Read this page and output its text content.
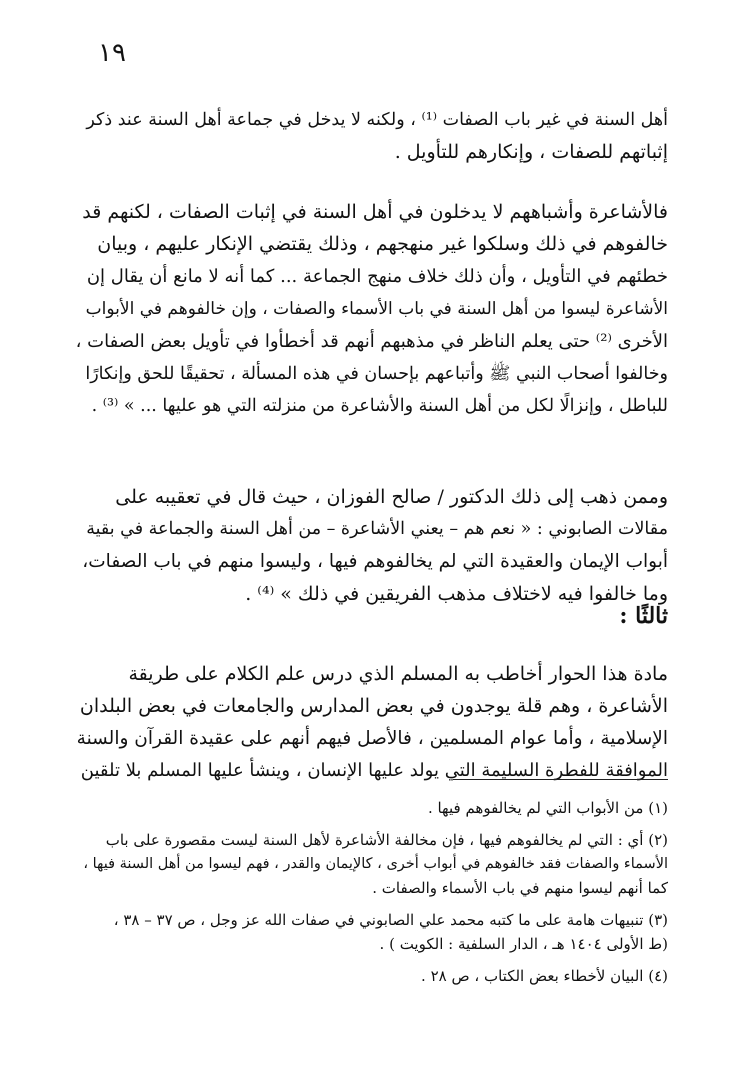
١٩
أهل السنة في غير باب الصفات ⁽¹⁾ ، ولكنه لا يدخل في جماعة أهل السنة عند ذكر
إثباتهم للصفات ، وإنكارهم للتأويل .
فالأشاعرة وأشباههم لا يدخلون في أهل السنة في إثبات الصفات ، لكنهم قد
خالفوهم في ذلك وسلكوا غير منهجهم ، وذلك يقتضي الإنكار عليهم ، وبيان
خطئهم في التأويل ، وأن ذلك خلاف منهج الجماعة ... كما أنه لا مانع أن يقال إن
الأشاعرة ليسوا من أهل السنة في باب الأسماء والصفات ، وإن خالفوهم في الأبواب
الأخرى ⁽²⁾ حتى يعلم الناظر في مذهبهم أنهم قد أخطأوا في تأويل بعض الصفات ،
وخالفوا أصحاب النبي ﷺ وأتباعهم بإحسان في هذه المسألة ، تحقيقًا للحق وإنكارًا
للباطل ، وإنزالًا لكل من أهل السنة والأشاعرة من منزلته التي هو عليها ... » ⁽³⁾ .
وممن ذهب إلى ذلك الدكتور / صالح الفوزان ، حيث قال في تعقيبه على
مقالات الصابوني : « نعم هم – يعني الأشاعرة – من أهل السنة والجماعة في بقية
أبواب الإيمان والعقيدة التي لم يخالفوهم فيها ، وليسوا منهم في باب الصفات،
وما خالفوا فيه لاختلاف مذهب الفريقين في ذلك » ⁽⁴⁾ .
ثالثًا :
مادة هذا الحوار أخاطب به المسلم الذي درس علم الكلام على طريقة
الأشاعرة ، وهم قلة يوجدون في بعض المدارس والجامعات في بعض البلدان
الإسلامية ، وأما عوام المسلمين ، فالأصل فيهم أنهم على عقيدة القرآن والسنة
الموافقة للفطرة السليمة التي يولد عليها الإنسان ، وينشأ عليها المسلم بلا تلقين
(١) من الأبواب التي لم يخالفوهم فيها .
(٢) أي : التي لم يخالفوهم فيها ، فإن مخالفة الأشاعرة لأهل السنة ليست مقصورة على باب
الأسماء والصفات فقد خالفوهم في أبواب أخرى ، كالإيمان والقدر ، فهم ليسوا من أهل السنة فيها ،
كما أنهم ليسوا منهم في باب الأسماء والصفات .
(٣) تنبيهات هامة على ما كتبه محمد علي الصابوني في صفات الله عز وجل ، ص ٣٧ – ٣٨ ،
(ط الأولى ١٤٠٤ هـ ، الدار السلفية : الكويت ) .
(٤) البيان لأخطاء بعض الكتاب ، ص ٢٨ .
